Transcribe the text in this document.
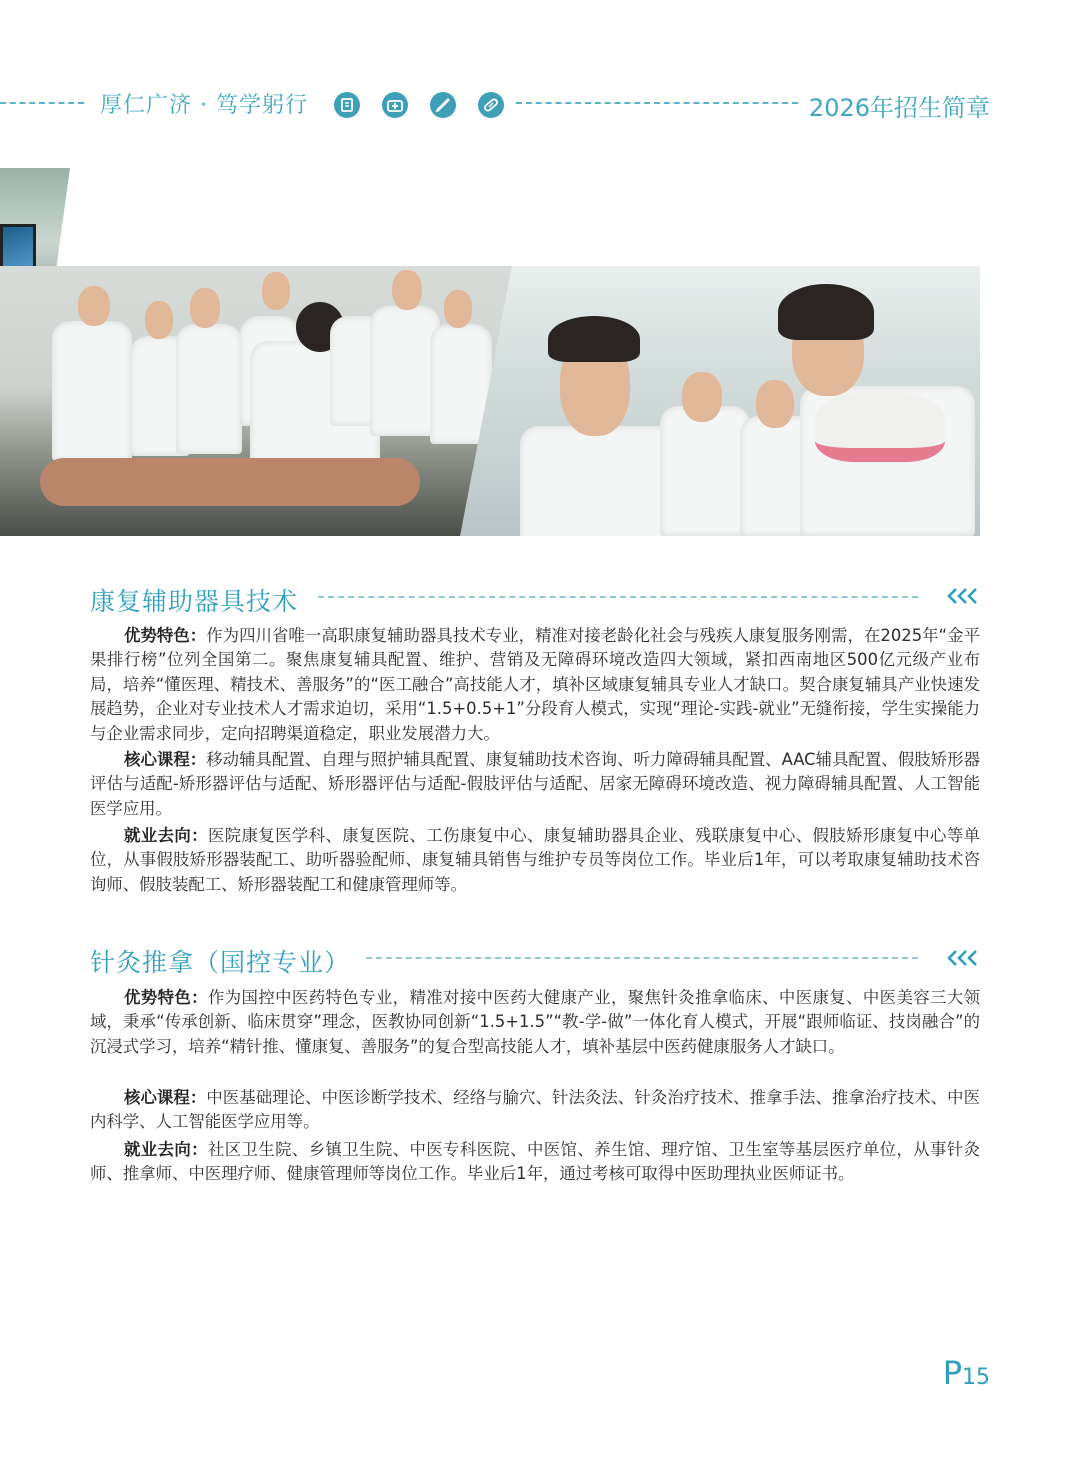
厚仁广济 · 笃学躬行	2026年招生简章
康复辅助器具技术

优势特色：作为四川省唯一高职康复辅助器具技术专业，精准对接老龄化社会与残疾人康复服务刚需，在2025年“金平果排行榜”位列全国第二。聚焦康复辅具配置、维护、营销及无障碍环境改造四大领域，紧扣西南地区500亿元级产业布局，培养“懂医理、精技术、善服务”的“医工融合”高技能人才，填补区域康复辅具专业人才缺口。契合康复辅具产业快速发展趋势，企业对专业技术人才需求迫切，采用“1.5+0.5+1”分段育人模式，实现“理论-实践-就业”无缝衔接，学生实操能力与企业需求同步，定向招聘渠道稳定，职业发展潜力大。

核心课程：移动辅具配置、自理与照护辅具配置、康复辅助技术咨询、听力障碍辅具配置、AAC辅具配置、假肢矫形器评估与适配-矫形器评估与适配、矫形器评估与适配-假肢评估与适配、居家无障碍环境改造、视力障碍辅具配置、人工智能医学应用。

就业去向：医院康复医学科、康复医院、工伤康复中心、康复辅助器具企业、残联康复中心、假肢矫形康复中心等单位，从事假肢矫形器装配工、助听器验配师、康复辅具销售与维护专员等岗位工作。毕业后1年，可以考取康复辅助技术咨询师、假肢装配工、矫形器装配工和健康管理师等。

针灸推拿（国控专业）

优势特色：作为国控中医药特色专业，精准对接中医药大健康产业，聚焦针灸推拿临床、中医康复、中医美容三大领域，秉承“传承创新、临床贯穿”理念，医教协同创新“1.5+1.5”“教-学-做”一体化育人模式，开展“跟师临证、技岗融合”的沉浸式学习，培养“精针推、懂康复、善服务”的复合型高技能人才，填补基层中医药健康服务人才缺口。

核心课程：中医基础理论、中医诊断学技术、经络与腧穴、针法灸法、针灸治疗技术、推拿手法、推拿治疗技术、中医内科学、人工智能医学应用等。

就业去向：社区卫生院、乡镇卫生院、中医专科医院、中医馆、养生馆、理疗馆、卫生室等基层医疗单位，从事针灸师、推拿师、中医理疗师、健康管理师等岗位工作。毕业后1年，通过考核可取得中医助理执业医师证书。

P15
